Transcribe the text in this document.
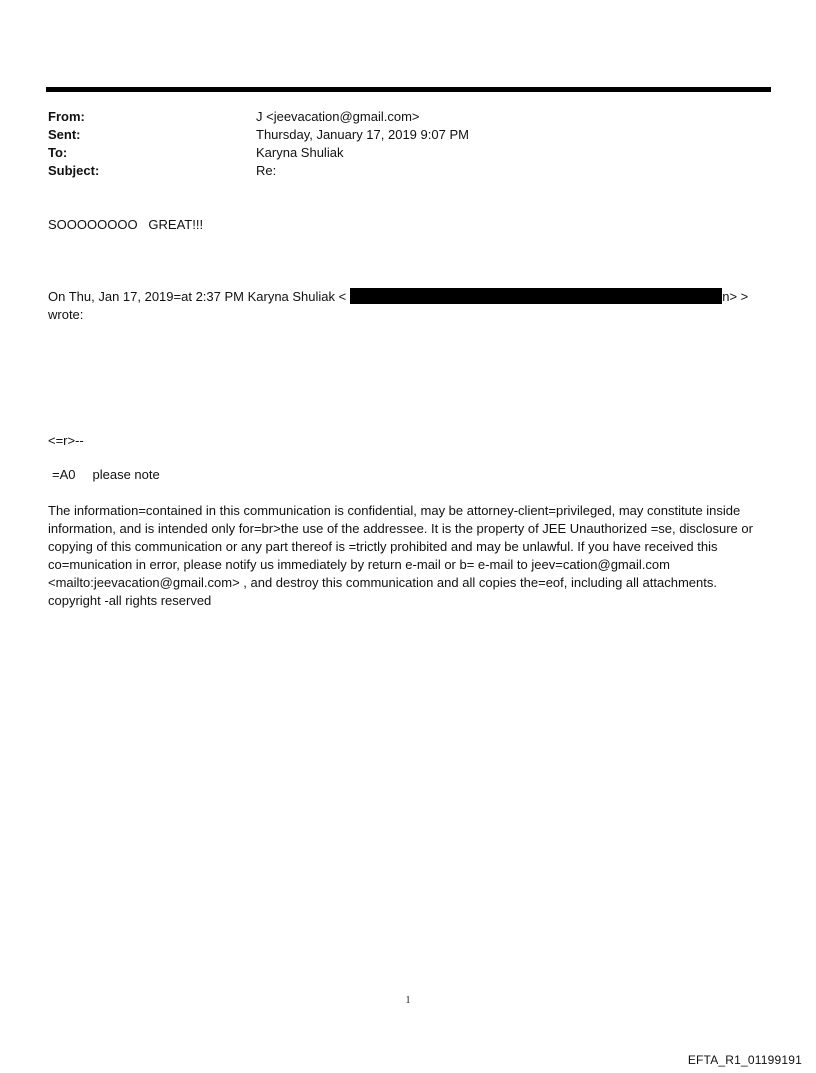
From:	J <jeevacation@gmail.com>
Sent:	Thursday, January 17, 2019 9:07 PM
To:	Karyna Shuliak
Subject:	Re:
SOOOOOOOO   GREAT!!!
On Thu, Jan 17, 2019=at 2:37 PM Karyna Shuliak <	n> >
wrote:
<=r>--
=A0 please note
The information=contained in this communication is confidential, may be attorney-client=privileged, may constitute inside information, and is intended only for=br>the use of the addressee. It is the property of JEE Unauthorized =se, disclosure or copying of this communication or any part thereof is =trictly prohibited and may be unlawful. If you have received this co=munication in error, please notify us immediately by return e-mail or b= e-mail to jeev=cation@gmail.com <mailto:jeevacation@gmail.com> , and destroy this communication and all copies the=eof, including all attachments. copyright -all rights reserved
1
EFTA_R1_01199191
